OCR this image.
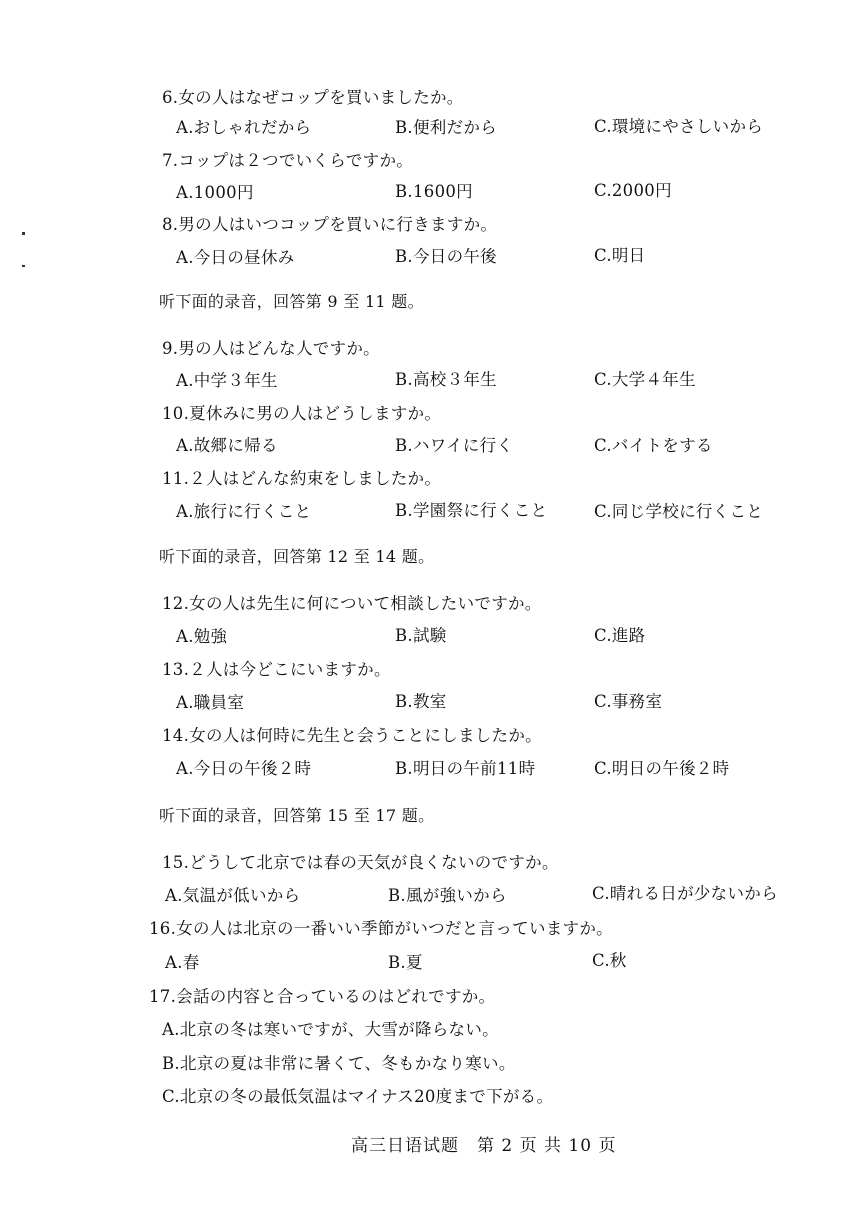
6.女の人はなぜコップを買いましたか。
A.おしゃれだから	B.便利だから	C.環境にやさしいから
7.コップは２つでいくらですか。
A.1000円	B.1600円	C.2000円
8.男の人はいつコップを買いに行きますか。
A.今日の昼休み	B.今日の午後	C.明日
听下面的录音，回答第 9 至 11 题。
9.男の人はどんな人ですか。
A.中学３年生	B.高校３年生	C.大学４年生
10.夏休みに男の人はどうしますか。
A.故郷に帰る	B.ハワイに行く	C.バイトをする
11.２人はどんな約束をしましたか。
A.旅行に行くこと	B.学園祭に行くこと	C.同じ学校に行くこと
听下面的录音，回答第 12 至 14 题。
12.女の人は先生に何について相談したいですか。
A.勉強	B.試験	C.進路
13.２人は今どこにいますか。
A.職員室	B.教室	C.事務室
14.女の人は何時に先生と会うことにしましたか。
A.今日の午後２時	B.明日の午前11時	C.明日の午後２時
听下面的录音，回答第 15 至 17 题。
15.どうして北京では春の天気が良くないのですか。
A.気温が低いから	B.風が強いから	C.晴れる日が少ないから
16.女の人は北京の一番いい季節がいつだと言っていますか。
A.春	B.夏	C.秋
17.会話の内容と合っているのはどれですか。
A.北京の冬は寒いですが、大雪が降らない。
B.北京の夏は非常に暑くて、冬もかなり寒い。
C.北京の冬の最低気温はマイナス20度まで下がる。
高三日语试题　第 2 页 共 10 页
